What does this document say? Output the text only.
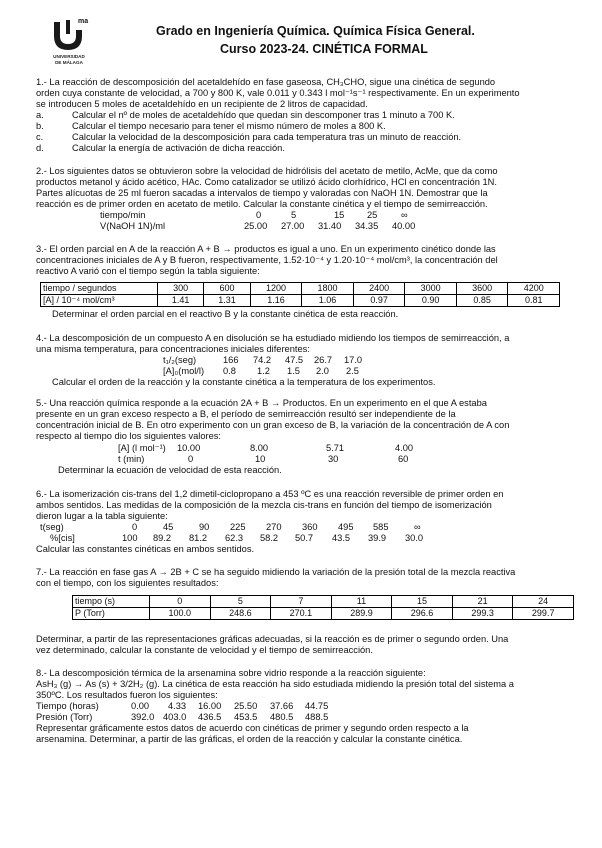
ma
UNIVERSIDAD
DE MÁLAGA
Grado en Ingeniería Química. Química Física General.
Curso 2023-24. CINÉTICA FORMAL
1.- La reacción de descomposición del acetaldehído en fase gaseosa, CH₃CHO, sigue una cinética de segundo
orden cuya constante de velocidad, a 700 y 800 K, vale 0.011 y 0.343 l mol⁻¹s⁻¹ respectivamente. En un experimento
se introducen 5 moles de acetaldehído en un recipiente de 2 litros de capacidad.
a.	Calcular el nº de moles de acetaldehído que quedan sin descomponer tras 1 minuto a 700 K.
b.	Calcular el tiempo necesario para tener el mismo número de moles a 800 K.
c.	Calcular la velocidad de la descomposición para cada temperatura tras un minuto de reacción.
d.	Calcular la energía de activación de dicha reacción.
2.- Los siguientes datos se obtuvieron sobre la velocidad de hidrólisis del acetato de metilo, AcMe, que da como
productos metanol y ácido acético, HAc. Como catalizador se utilizó ácido clorhídrico, HCl en concentración 1N.
Partes alícuotas de 25 ml fueron sacadas a intervalos de tiempo y valoradas con NaOH 1N. Demostrar que la
reacción es de primer orden en acetato de metilo. Calcular la constante cinética y el tiempo de semirreacción.
tiempo/min	0	5	15 25	∞
V(NaOH 1N)/ml	25.00 27.00 31.40 34.35 40.00
3.- El orden parcial en A de la reacción A + B → productos es igual a uno. En un experimento cinético donde las
concentraciones iniciales de A y B fueron, respectivamente, 1.52·10⁻⁴ y 1.20·10⁻⁴ mol/cm³, la concentración del
reactivo A varió con el tiempo según la tabla siguiente:
tiempo / segundos	300	600	1200	1800	2400	3000	3600	4200
[A] / 10⁻⁴ mol/cm³	1.41	1.31	1.16	1.06	0.97	0.90	0.85	0.81
Determinar el orden parcial en el reactivo B y la constante cinética de esta reacción.
4.- La descomposición de un compuesto A en disolución se ha estudiado midiendo los tiempos de semirreacción, a
una misma temperatura, para concentraciones iniciales diferentes:
t₁/₂(seg)	166 74.2 47.5 26.7 17.0
[A]₀(mol/l) 0.8 1.2 1.5 2.0 2.5
Calcular el orden de la reacción y la constante cinética a la temperatura de los experimentos.
5.- Una reacción química responde a la ecuación 2A + B → Productos. En un experimento en el que A estaba
presente en un gran exceso respecto a B, el período de semirreacción resultó ser independiente de la
concentración inicial de B. En otro experimento con un gran exceso de B, la variación de la concentración de A con
respecto al tiempo dio los siguientes valores:
[A] (l mol⁻¹) 10.00	8.00	5.71	4.00
t (min)	0	10	30	60
Determinar la ecuación de velocidad de esta reacción.
6.- La isomerización cis-trans del 1,2 dimetil-ciclopropano a 453 ºC es una reacción reversible de primer orden en
ambos sentidos. Las medidas de la composición de la mezcla cis-trans en función del tiempo de isomerización
dieron lugar a la tabla siguiente:
t(seg)	0	45	90 225 270 360 495 585	∞
%[cis]	100 89.2 81.2 62.3 58.2 50.7 43.5 39.9 30.0
Calcular las constantes cinéticas en ambos sentidos.
7.- La reacción en fase gas A → 2B + C se ha seguido midiendo la variación de la presión total de la mezcla reactiva
con el tiempo, con los siguientes resultados:
tiempo (s)	0	5	7	11	15	21	24
P (Torr)	100.0	248.6	270.1	289.9	296.6	299.3	299.7
Determinar, a partir de las representaciones gráficas adecuadas, si la reacción es de primer o segundo orden. Una
vez determinado, calcular la constante de velocidad y el tiempo de semirreacción.
8.- La descomposición térmica de la arsenamina sobre vidrio responde a la reacción siguiente:
AsH₃ (g) → As (s) + 3/2H₂ (g). La cinética de esta reacción ha sido estudiada midiendo la presión total del sistema a
350ºC. Los resultados fueron los siguientes:
Tiempo (horas)	0.00 4.33 16.00 25.50 37.66 44.75
Presión (Torr)	392.0 403.0 436.5 453.5 480.5 488.5
Representar gráficamente estos datos de acuerdo con cinéticas de primer y segundo orden respecto a la
arsenamina. Determinar, a partir de las gráficas, el orden de la reacción y calcular la constante cinética.
